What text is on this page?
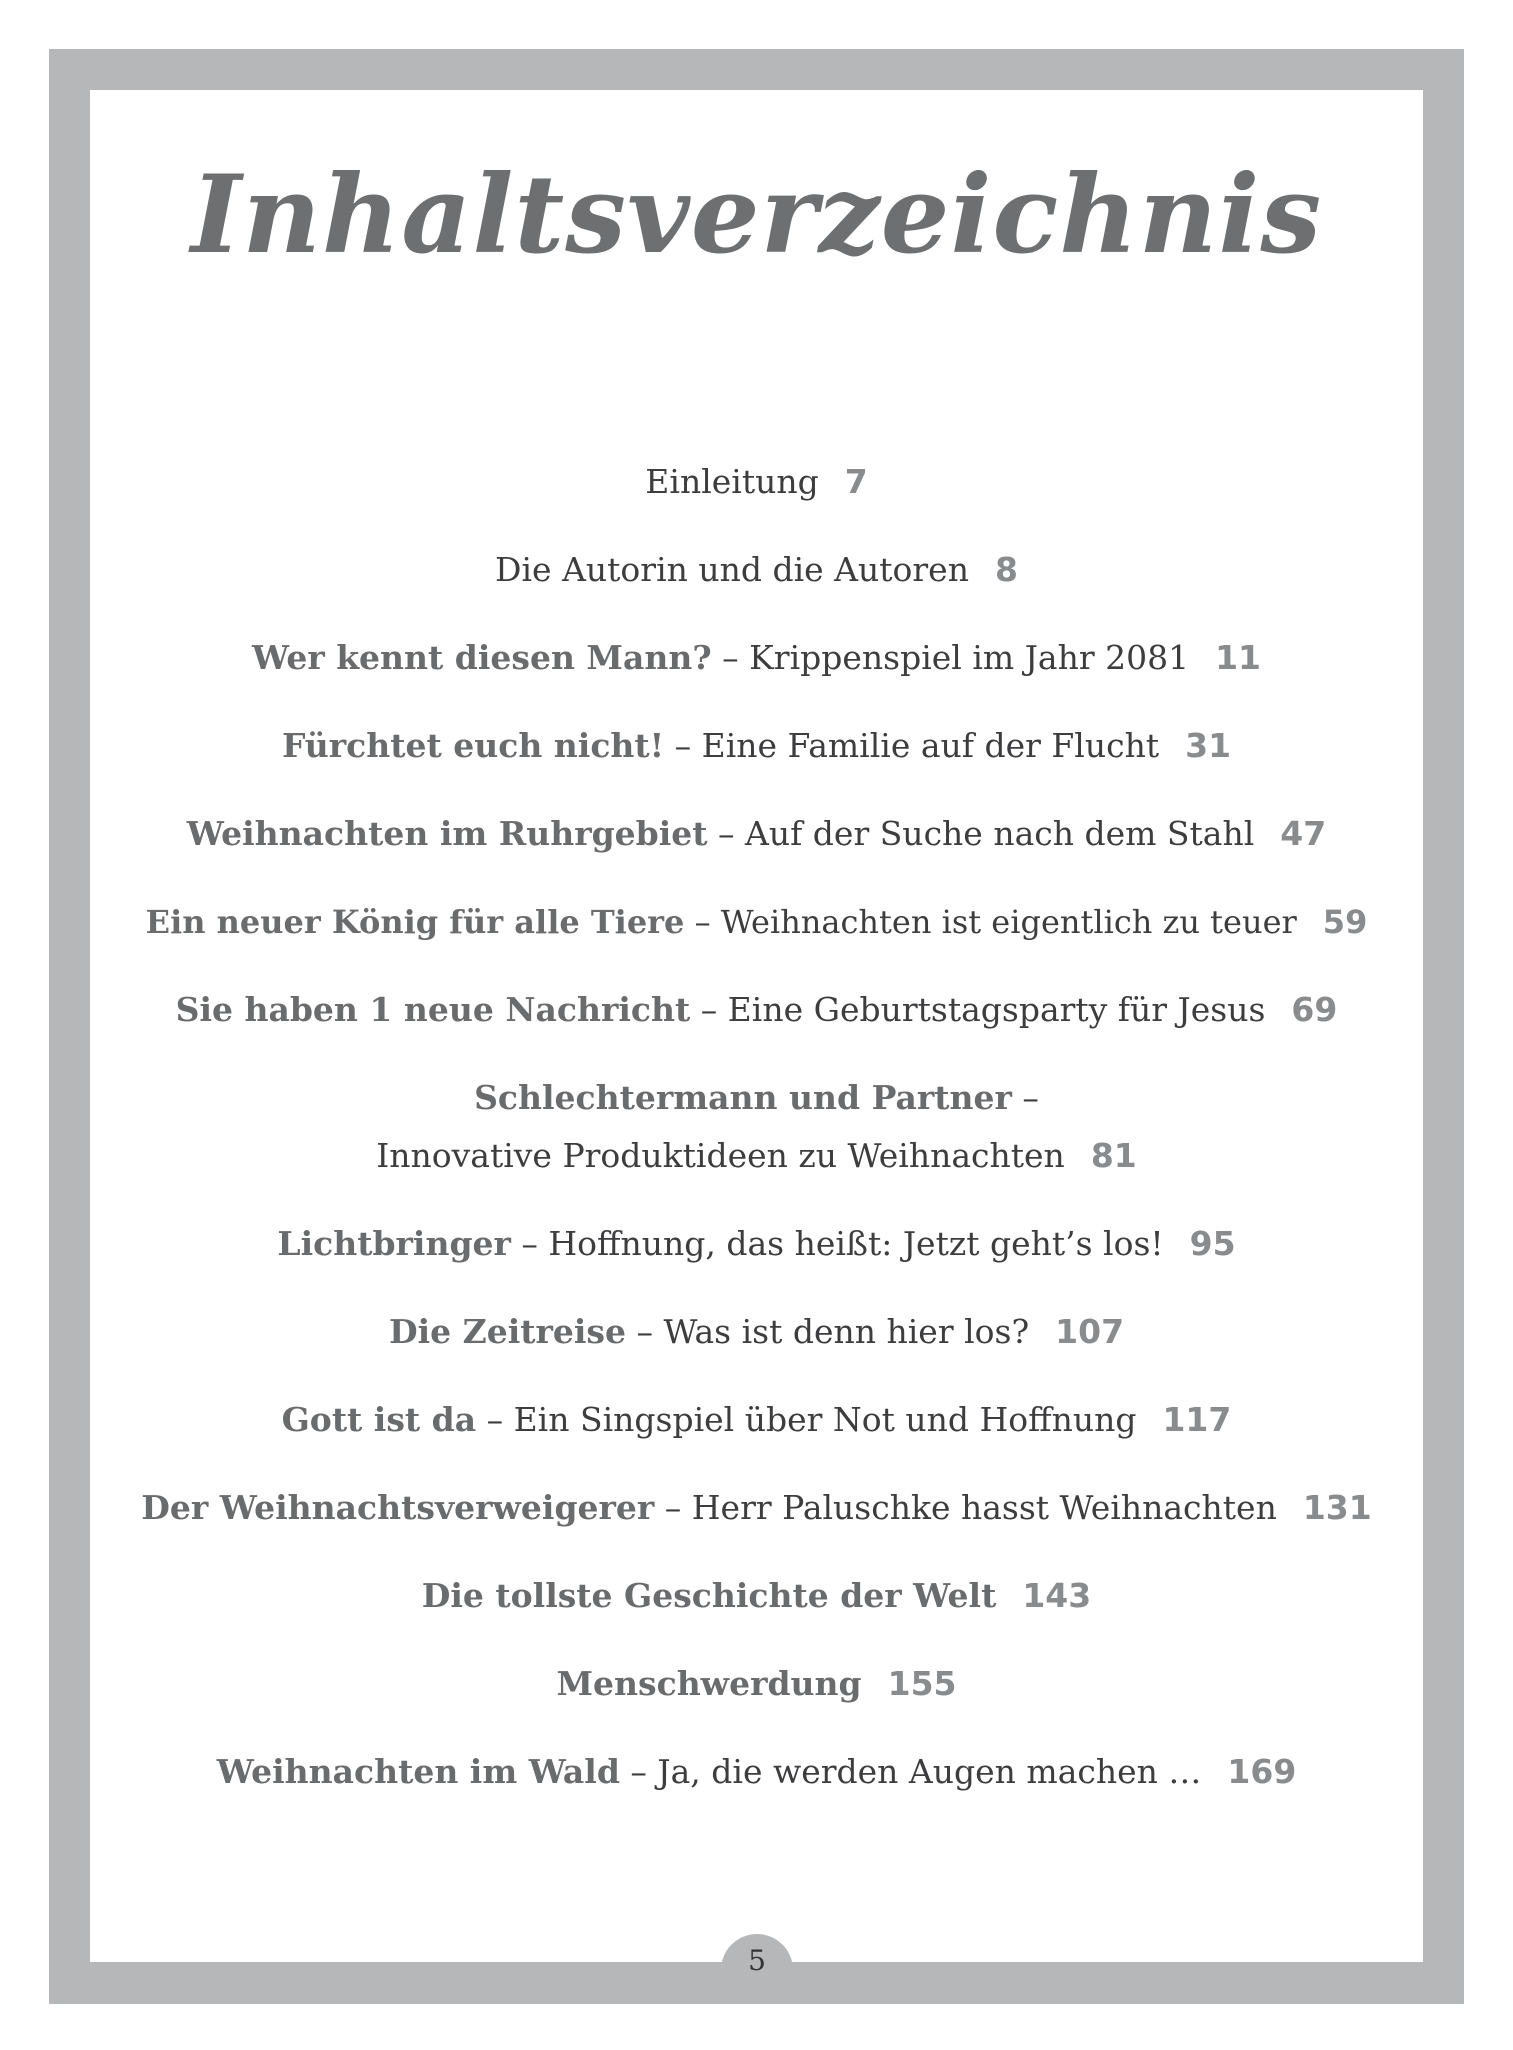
Inhaltsverzeichnis
Einleitung 7
Die Autorin und die Autoren 8
Wer kennt diesen Mann? – Krippenspiel im Jahr 2081 11
Fürchtet euch nicht! – Eine Familie auf der Flucht 31
Weihnachten im Ruhrgebiet – Auf der Suche nach dem Stahl 47
Ein neuer König für alle Tiere – Weihnachten ist eigentlich zu teuer 59
Sie haben 1 neue Nachricht – Eine Geburtstagsparty für Jesus 69
Schlechtermann und Partner –
Innovative Produktideen zu Weihnachten 81
Lichtbringer – Hoffnung, das heißt: Jetzt geht’s los! 95
Die Zeitreise – Was ist denn hier los? 107
Gott ist da – Ein Singspiel über Not und Hoffnung 117
Der Weihnachtsverweigerer – Herr Paluschke hasst Weihnachten 131
Die tollste Geschichte der Welt 143
Menschwerdung 155
Weihnachten im Wald – Ja, die werden Augen machen … 169
5
